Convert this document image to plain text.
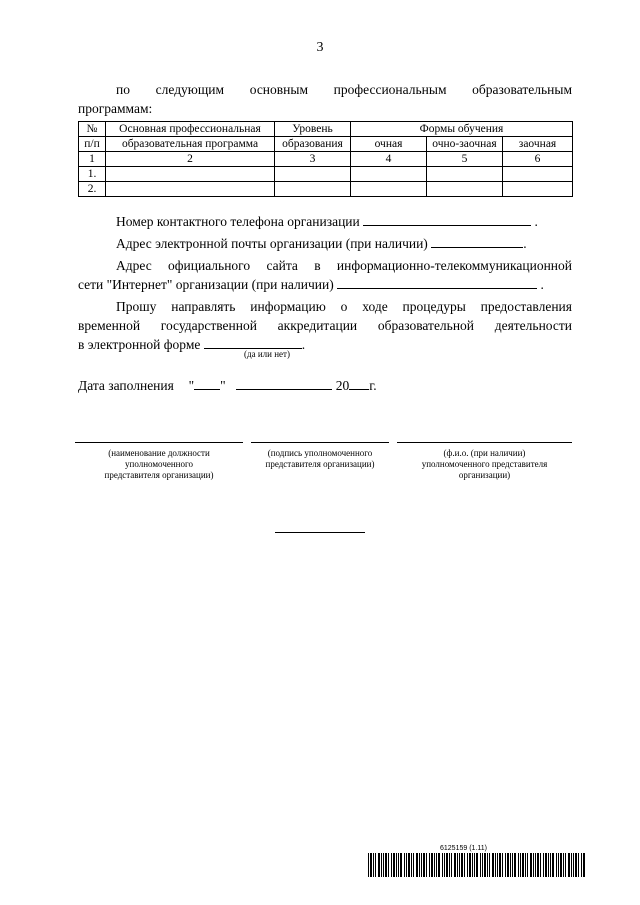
3
по следующим основным профессиональным образовательным
программам:
№	Основная профессиональная	Уровень	Формы обучения		
п/п	образовательная программа	образования	очная	очно-заочная	заочная
1	2	3	4	5	6
1.					
2.					
Номер контактного телефона организации	.
Адрес электронной почты организации (при наличии)	.
Адрес официального сайта в информационно-телекоммуникационной
сети "Интернет" организации (при наличии)	.
Прошу направлять информацию о ходе процедуры предоставления
временной государственной аккредитации образовательной деятельности
в электронной форме	.
(да или нет)
Дата заполнения " "	20 г.
(наименование должности
уполномоченного
представителя организации)
(подпись уполномоченного
представителя организации)
(ф.и.о. (при наличии)
уполномоченного представителя
организации)
6125159 (1.11)
